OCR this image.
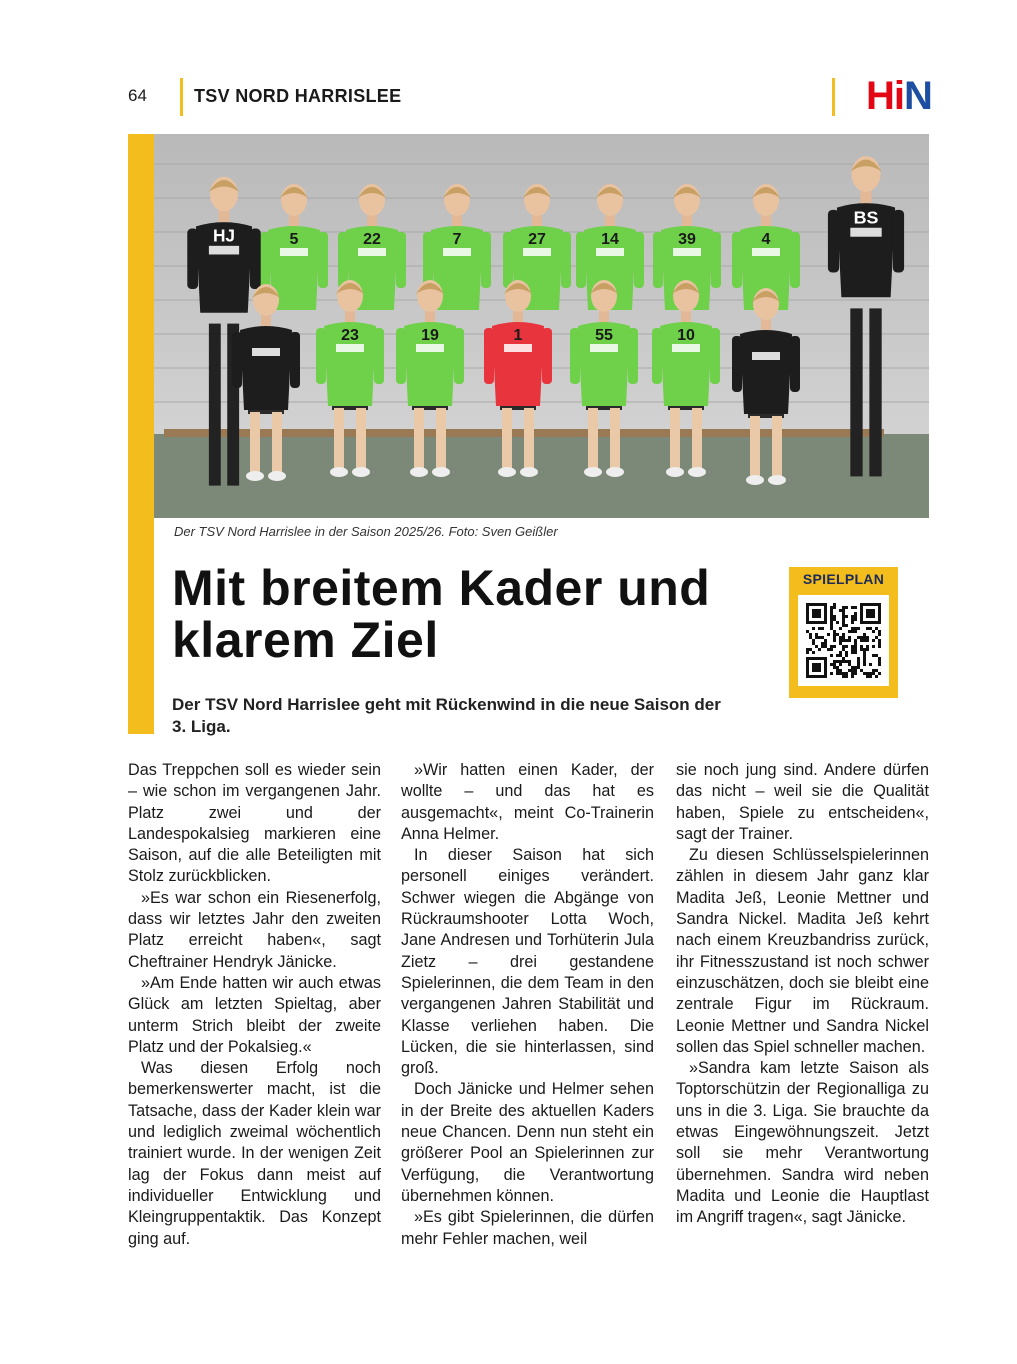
64	TSV NORD HARRISLEE	HiN
5	22	7	27	14	39	4
HJ
BS
23	19	1	55	10
Der TSV Nord Harrislee in der Saison 2025/26. Foto: Sven Geißler
Mit breitem Kader und klarem Ziel
Der TSV Nord Harrislee geht mit Rückenwind in die neue Saison der 3. Liga.
SPIELPLAN

Das Treppchen soll es wieder sein – wie schon im vergangenen Jahr. Platz zwei und der Landespokalsieg markieren eine Saison, auf die alle Beteiligten mit Stolz zurückblicken.

»Es war schon ein Riesenerfolg, dass wir letztes Jahr den zweiten Platz erreicht haben«, sagt Cheftrainer Hendryk Jänicke.

»Am Ende hatten wir auch etwas Glück am letzten Spieltag, aber unterm Strich bleibt der zweite Platz und der Pokalsieg.«

Was diesen Erfolg noch bemerkenswerter macht, ist die Tatsache, dass der Kader klein war und lediglich zweimal wöchentlich trainiert wurde. In der wenigen Zeit lag der Fokus dann meist auf individueller Entwicklung und Kleingruppentaktik. Das Konzept ging auf.

»Wir hatten einen Kader, der wollte – und das hat es ausgemacht«, meint Co-Trainerin Anna Helmer.

In dieser Saison hat sich personell einiges verändert. Schwer wiegen die Abgänge von Rückraumshooter Lotta Woch, Jane Andresen und Torhüterin Jula Zietz – drei gestandene Spielerinnen, die dem Team in den vergangenen Jahren Stabilität und Klasse verliehen haben. Die Lücken, die sie hinterlassen, sind groß.

Doch Jänicke und Helmer sehen in der Breite des aktuellen Kaders neue Chancen. Denn nun steht ein größerer Pool an Spielerinnen zur Verfügung, die Verantwortung übernehmen können.

»Es gibt Spielerinnen, die dürfen mehr Fehler machen, weil

sie noch jung sind. Andere dürfen das nicht – weil sie die Qualität haben, Spiele zu entscheiden«, sagt der Trainer.

Zu diesen Schlüsselspielerinnen zählen in diesem Jahr ganz klar Madita Jeß, Leonie Mettner und Sandra Nickel. Madita Jeß kehrt nach einem Kreuzbandriss zurück, ihr Fitnesszustand ist noch schwer einzuschätzen, doch sie bleibt eine zentrale Figur im Rückraum. Leonie Mettner und Sandra Nickel sollen das Spiel schneller machen.

»Sandra kam letzte Saison als Toptorschützin der Regionalliga zu uns in die 3. Liga. Sie brauchte da etwas Eingewöhnungszeit. Jetzt soll sie mehr Verantwortung übernehmen. Sandra wird neben Madita und Leonie die Hauptlast im Angriff tragen«, sagt Jänicke.
